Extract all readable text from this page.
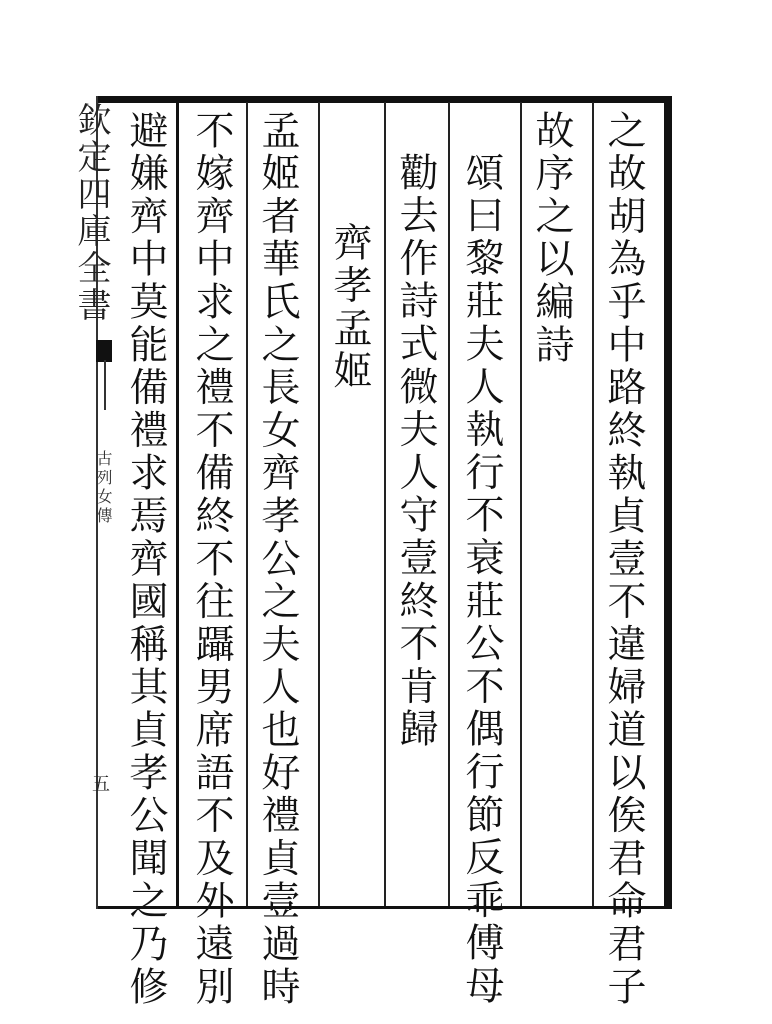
欽定四庫全書
古列女傳
五	之故胡為乎中路終執貞壹不違婦道以俟君命君子
故序之以編詩
頌曰黎莊夫人執行不衰莊公不偶行節反乖傅母
勸去作詩式微夫人守壹終不肯歸
齊孝孟姬
孟姬者華氏之長女齊孝公之夫人也好禮貞壹過時
不嫁齊中求之禮不備終不往躡男席語不及外遠別
避嫌齊中莫能備禮求焉齊國稱其貞孝公聞之乃修
